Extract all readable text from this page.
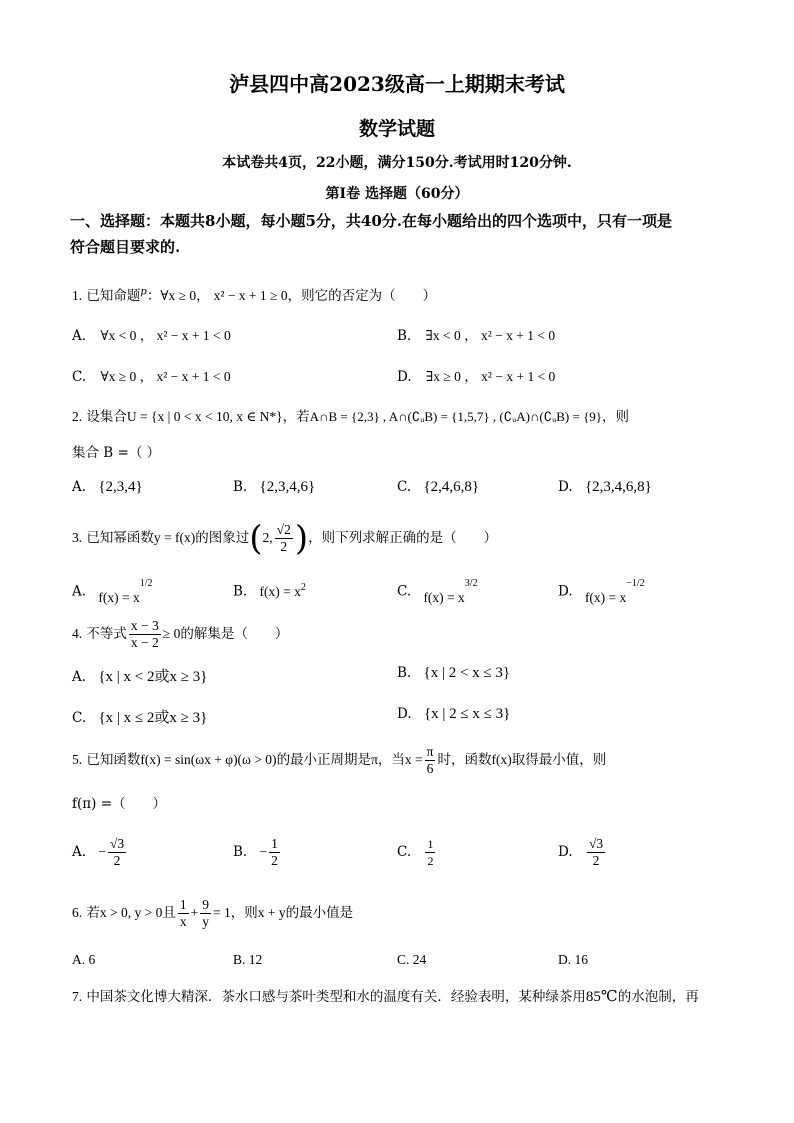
泸县四中高2023级高一上期期末考试
数学试题
本试卷共4页，22小题，满分150分.考试用时120分钟.
第I卷 选择题（60分）
一、选择题：本题共8小题，每小题5分，共40分.在每小题给出的四个选项中，只有一项是
符合题目要求的.
1. 已知命题$^p$：∀x ≥ 0， x² − x + 1 ≥ 0，则它的否定为（　　）
A. ∀x < 0 ， x² − x + 1 < 0	B. ∃x < 0 ， x² − x + 1 < 0
C. ∀x ≥ 0 ， x² − x + 1 < 0	D. ∃x ≥ 0 ， x² − x + 1 < 0
2. 设集合U = {x | 0 < x < 10, x ∈ N*}，若A∩B = {2,3} , A∩(∁ᵤB) = {1,5,7} , (∁ᵤA)∩(∁ᵤB) = {9}，则
集合 B =（ ）
A. {2,3,4}	B. {2,3,4,6}	C. {2,4,6,8}	D. {2,3,4,6,8}
3. 已知幂函数y = f(x)的图象过(2, $\frac{√2}{2}$ )，则下列求解正确的是（　　）
A. $f(x) = x^{1/2}$	B. $f(x) = x^2$	C. $f(x) = x^{3/2}$	D. $f(x) = x^{-1/2}$
4. 不等式 $\frac{x - 3}{x - 2} \ge 0$的解集是（　　）
A. {x | x < 2或x ≥ 3}	B. {x | 2 < x ≤ 3}
C. {x | x ≤ 2或x ≥ 3}	D. {x | 2 ≤ x ≤ 3}
5. 已知函数f(x) = sin(ωx + φ)(ω > 0)的最小正周期是π，当$x = \frac{\pi}{6}$ 时，函数f(x)取得最小值，则
f(π) =（　　）
A. − $\frac{√3}{2}$	B. − $\frac{1}{2}$	C. $\frac{1}{2}$	D. $\frac{√3}{2}$
6. 若x > 0, y > 0且 $\frac{1}{x} + \frac{9}{y} = 1$，则x + y的最小值是
A. 6	B. 12	C. 24	D. 16
7. 中国茶文化博大精深．茶水口感与茶叶类型和水的温度有关．经验表明，某种绿茶用85℃的水泡制，再
